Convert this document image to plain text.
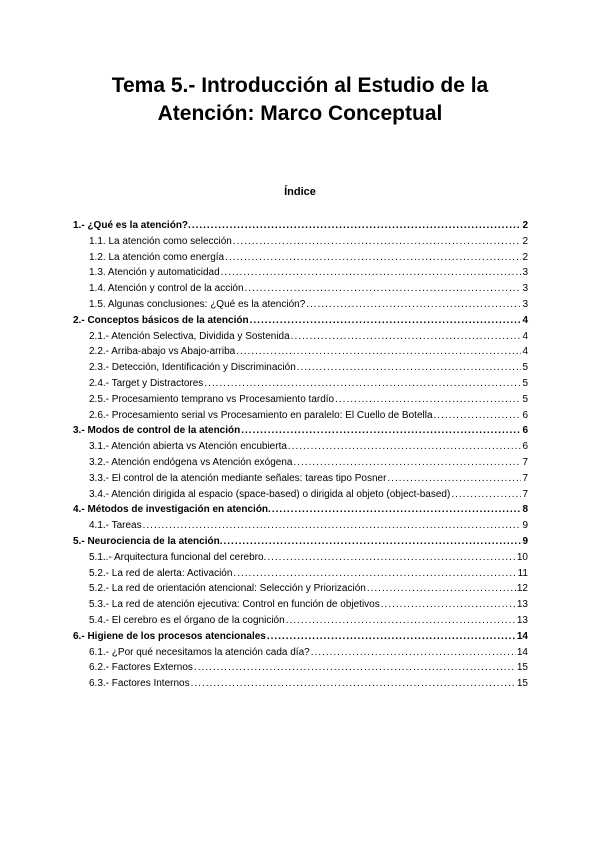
Tema 5.- Introducción al Estudio de la
Atención: Marco Conceptual
Índice
1.- ¿Qué es la atención?. .....	2
1.1. La atención como selección .....	2
1.2. La atención como energía .....	2
1.3. Atención y automaticidad .....	3
1.4. Atención y control de la acción .....	3
1.5. Algunas conclusiones: ¿Qué es la atención? .....	3
2.- Conceptos básicos de la atención .....	4
2.1.- Atención Selectiva, Dividida y Sostenida .....	4
2.2.- Arriba-abajo vs Abajo-arriba .....	4
2.3.- Detección, Identificación y Discriminación .....	5
2.4.- Target y Distractores .....	5
2.5.- Procesamiento temprano vs Procesamiento tardío .....	5
2.6.- Procesamiento serial vs Procesamiento en paralelo: El Cuello de Botella .....	6
3.- Modos de control de la atención .....	6
3.1.- Atención abierta vs Atención encubierta .....	6
3.2.- Atención endógena vs Atención exógena .....	7
3.3.- El control de la atención mediante señales: tareas tipo Posner .....	7
3.4.- Atención dirigida al espacio (space-based) o dirigida al objeto (object-based) .....	7
4.- Métodos de investigación en atención. .....	8
4.1.- Tareas .....	9
5.- Neurociencia de la atención. .....	9
5.1..- Arquitectura funcional del cerebro. .....	10
5.2.- La red de alerta: Activación .....	11
5.2.- La red de orientación atencional: Selección y Priorización .....	12
5.3.- La red de atención ejecutiva: Control en función de objetivos .....	13
5.4.- El cerebro es el órgano de la cognición .....	13
6.- Higiene de los procesos atencionales .....	14
6.1.- ¿Por qué necesitamos la atención cada día? .....	14
6.2.- Factores Externos .....	15
6.3.- Factores Internos .....	15
